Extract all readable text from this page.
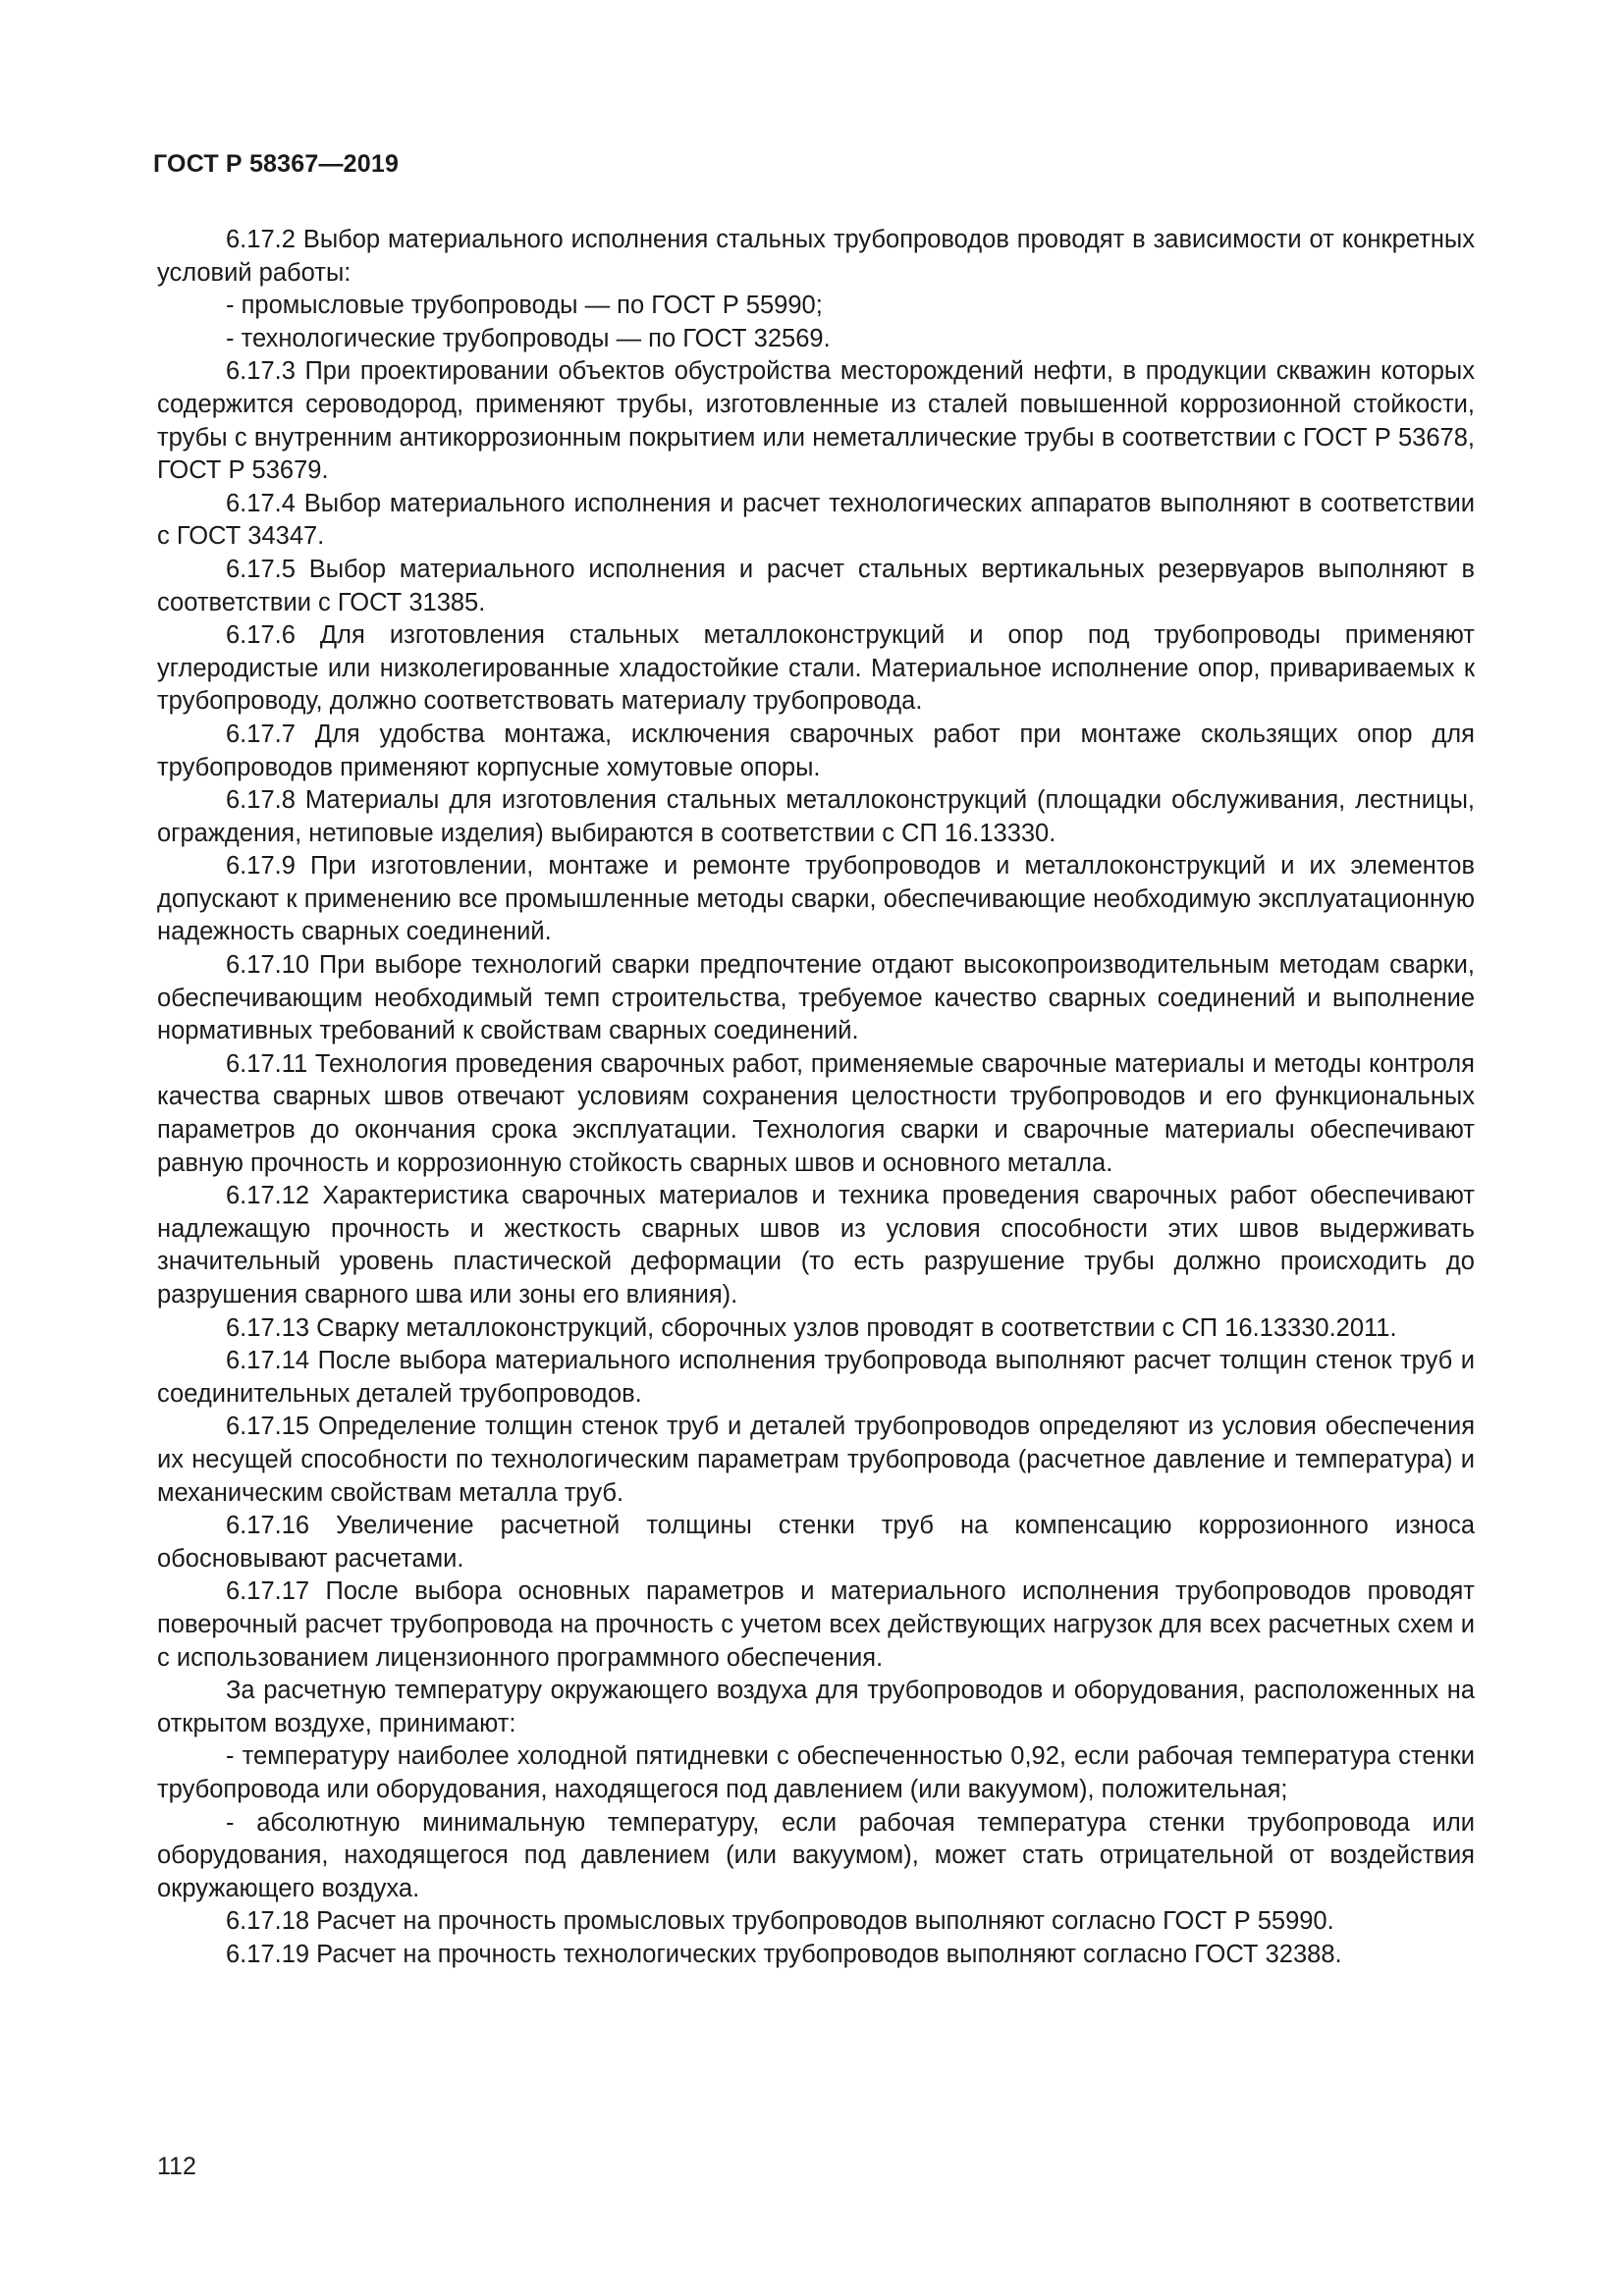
ГОСТ Р 58367—2019

6.17.2 Выбор материального исполнения стальных трубопроводов проводят в зависимости от конкретных условий работы:

- промысловые трубопроводы — по ГОСТ Р 55990;

- технологические трубопроводы — по ГОСТ 32569.

6.17.3 При проектировании объектов обустройства месторождений нефти, в продукции скважин которых содержится сероводород, применяют трубы, изготовленные из сталей повышенной коррозионной стойкости, трубы с внутренним антикоррозионным покрытием или неметаллические трубы в соответствии с ГОСТ Р 53678, ГОСТ Р 53679.

6.17.4 Выбор материального исполнения и расчет технологических аппаратов выполняют в соответствии с ГОСТ 34347.

6.17.5 Выбор материального исполнения и расчет стальных вертикальных резервуаров выполняют в соответствии с ГОСТ 31385.

6.17.6 Для изготовления стальных металлоконструкций и опор под трубопроводы применяют углеродистые или низколегированные хладостойкие стали. Материальное исполнение опор, привариваемых к трубопроводу, должно соответствовать материалу трубопровода.

6.17.7 Для удобства монтажа, исключения сварочных работ при монтаже скользящих опор для трубопроводов применяют корпусные хомутовые опоры.

6.17.8 Материалы для изготовления стальных металлоконструкций (площадки обслуживания, лестницы, ограждения, нетиповые изделия) выбираются в соответствии с СП 16.13330.

6.17.9 При изготовлении, монтаже и ремонте трубопроводов и металлоконструкций и их элементов допускают к применению все промышленные методы сварки, обеспечивающие необходимую эксплуатационную надежность сварных соединений.

6.17.10 При выборе технологий сварки предпочтение отдают высокопроизводительным методам сварки, обеспечивающим необходимый темп строительства, требуемое качество сварных соединений и выполнение нормативных требований к свойствам сварных соединений.

6.17.11 Технология проведения сварочных работ, применяемые сварочные материалы и методы контроля качества сварных швов отвечают условиям сохранения целостности трубопроводов и его функциональных параметров до окончания срока эксплуатации. Технология сварки и сварочные материалы обеспечивают равную прочность и коррозионную стойкость сварных швов и основного металла.

6.17.12 Характеристика сварочных материалов и техника проведения сварочных работ обеспечивают надлежащую прочность и жесткость сварных швов из условия способности этих швов выдерживать значительный уровень пластической деформации (то есть разрушение трубы должно происходить до разрушения сварного шва или зоны его влияния).

6.17.13 Сварку металлоконструкций, сборочных узлов проводят в соответствии с СП 16.13330.2011.

6.17.14 После выбора материального исполнения трубопровода выполняют расчет толщин стенок труб и соединительных деталей трубопроводов.

6.17.15 Определение толщин стенок труб и деталей трубопроводов определяют из условия обеспечения их несущей способности по технологическим параметрам трубопровода (расчетное давление и температура) и механическим свойствам металла труб.

6.17.16 Увеличение расчетной толщины стенки труб на компенсацию коррозионного износа обосновывают расчетами.

6.17.17 После выбора основных параметров и материального исполнения трубопроводов проводят поверочный расчет трубопровода на прочность с учетом всех действующих нагрузок для всех расчетных схем и с использованием лицензионного программного обеспечения.

За расчетную температуру окружающего воздуха для трубопроводов и оборудования, расположенных на открытом воздухе, принимают:

- температуру наиболее холодной пятидневки с обеспеченностью 0,92, если рабочая температура стенки трубопровода или оборудования, находящегося под давлением (или вакуумом), положительная;

- абсолютную минимальную температуру, если рабочая температура стенки трубопровода или оборудования, находящегося под давлением (или вакуумом), может стать отрицательной от воздействия окружающего воздуха.

6.17.18 Расчет на прочность промысловых трубопроводов выполняют согласно ГОСТ Р 55990.

6.17.19 Расчет на прочность технологических трубопроводов выполняют согласно ГОСТ 32388.

112
